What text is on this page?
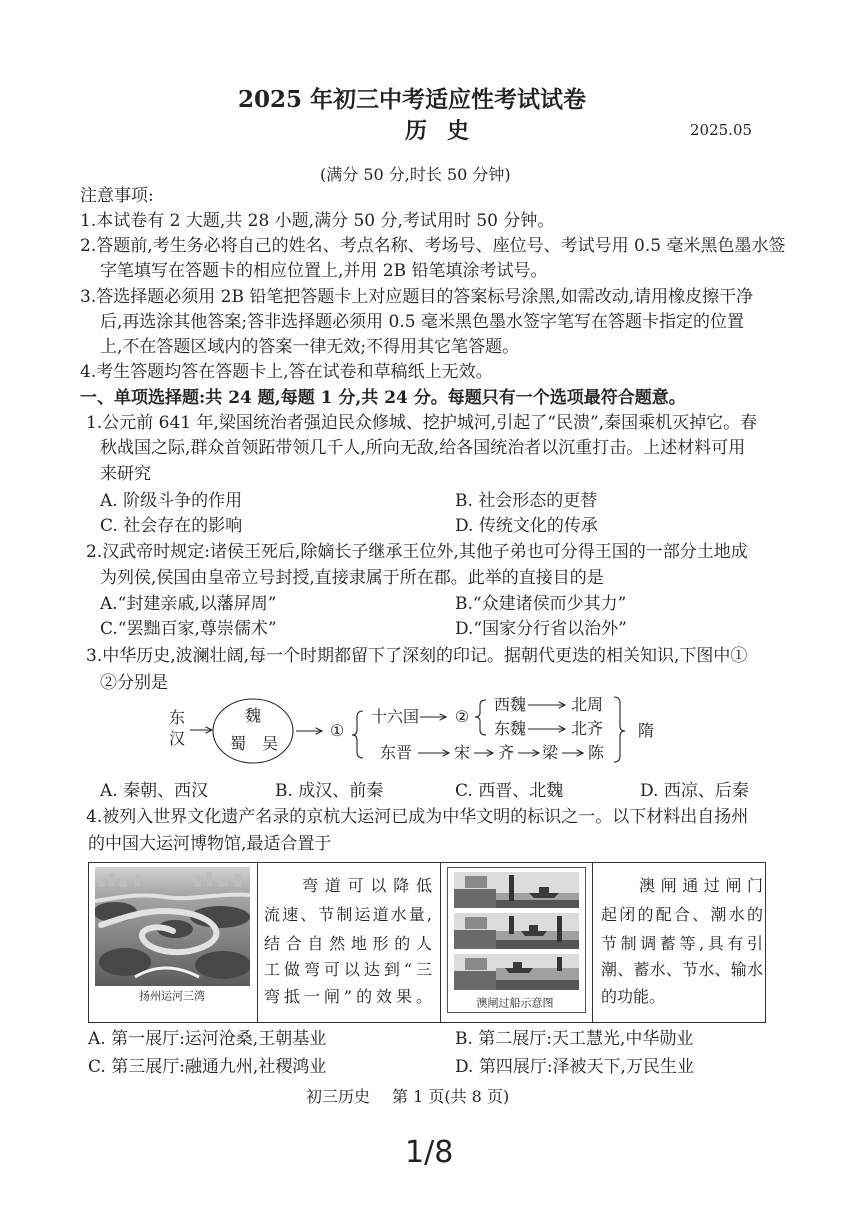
2025 年初三中考适应性考试试卷
历史	2025.05
(满分 50 分,时长 50 分钟)
注意事项:
1.本试卷有 2 大题,共 28 小题,满分 50 分,考试用时 50 分钟。
2.答题前,考生务必将自己的姓名、考点名称、考场号、座位号、考试号用 0.5 毫米黑色墨水签
字笔填写在答题卡的相应位置上,并用 2B 铅笔填涂考试号。
3.答选择题必须用 2B 铅笔把答题卡上对应题目的答案标号涂黑,如需改动,请用橡皮擦干净
后,再选涂其他答案;答非选择题必须用 0.5 毫米黑色墨水签字笔写在答题卡指定的位置
上,不在答题区域内的答案一律无效;不得用其它笔答题。
4.考生答题均答在答题卡上,答在试卷和草稿纸上无效。
一、单项选择题:共 24 题,每题 1 分,共 24 分。每题只有一个选项最符合题意。
1.公元前 641 年,梁国统治者强迫民众修城、挖护城河,引起了“民溃”,秦国乘机灭掉它。春
秋战国之际,群众首领跖带领几千人,所向无敌,给各国统治者以沉重打击。上述材料可用
来研究
A. 阶级斗争的作用	B. 社会形态的更替
C. 社会存在的影响	D. 传统文化的传承
2.汉武帝时规定:诸侯王死后,除嫡长子继承王位外,其他子弟也可分得王国的一部分土地成
为列侯,侯国由皇帝立号封授,直接隶属于所在郡。此举的直接目的是
A.“封建亲戚,以藩屏周”	B.“众建诸侯而少其力”
C.“罢黜百家,尊崇儒术”	D.“国家分行省以治外”
3.中华历史,波澜壮阔,每一个时期都留下了深刻的印记。据朝代更迭的相关知识,下图中①
②分别是
东
汉
魏
蜀 吴
①
十六国 ②
西魏	北周
东魏	北齐 隋
东晋	宋 齐 梁 陈
A. 秦朝、西汉	B. 成汉、前秦	C. 西晋、北魏	D. 西凉、后秦
4.被列入世界文化遗产名录的京杭大运河已成为中华文明的标识之一。以下材料出自扬州
的中国大运河博物馆,最适合置于
扬州运河三湾
弯道可以降低
流速、节制运道水量,
结合自然地形的人
工做弯可以达到“三
弯抵一闸”的效果。	澳闸过船示意图
澳闸通过闸门
起闭的配合、潮水的
节制调蓄等,具有引
潮、蓄水、节水、输水
的功能。
A. 第一展厅:运河沧桑,王朝基业	B. 第二展厅:天工慧光,中华勋业
C. 第三展厅:融通九州,社稷鸿业	D. 第四展厅:泽被天下,万民生业
初三历史 第 1 页(共 8 页)
1/8
